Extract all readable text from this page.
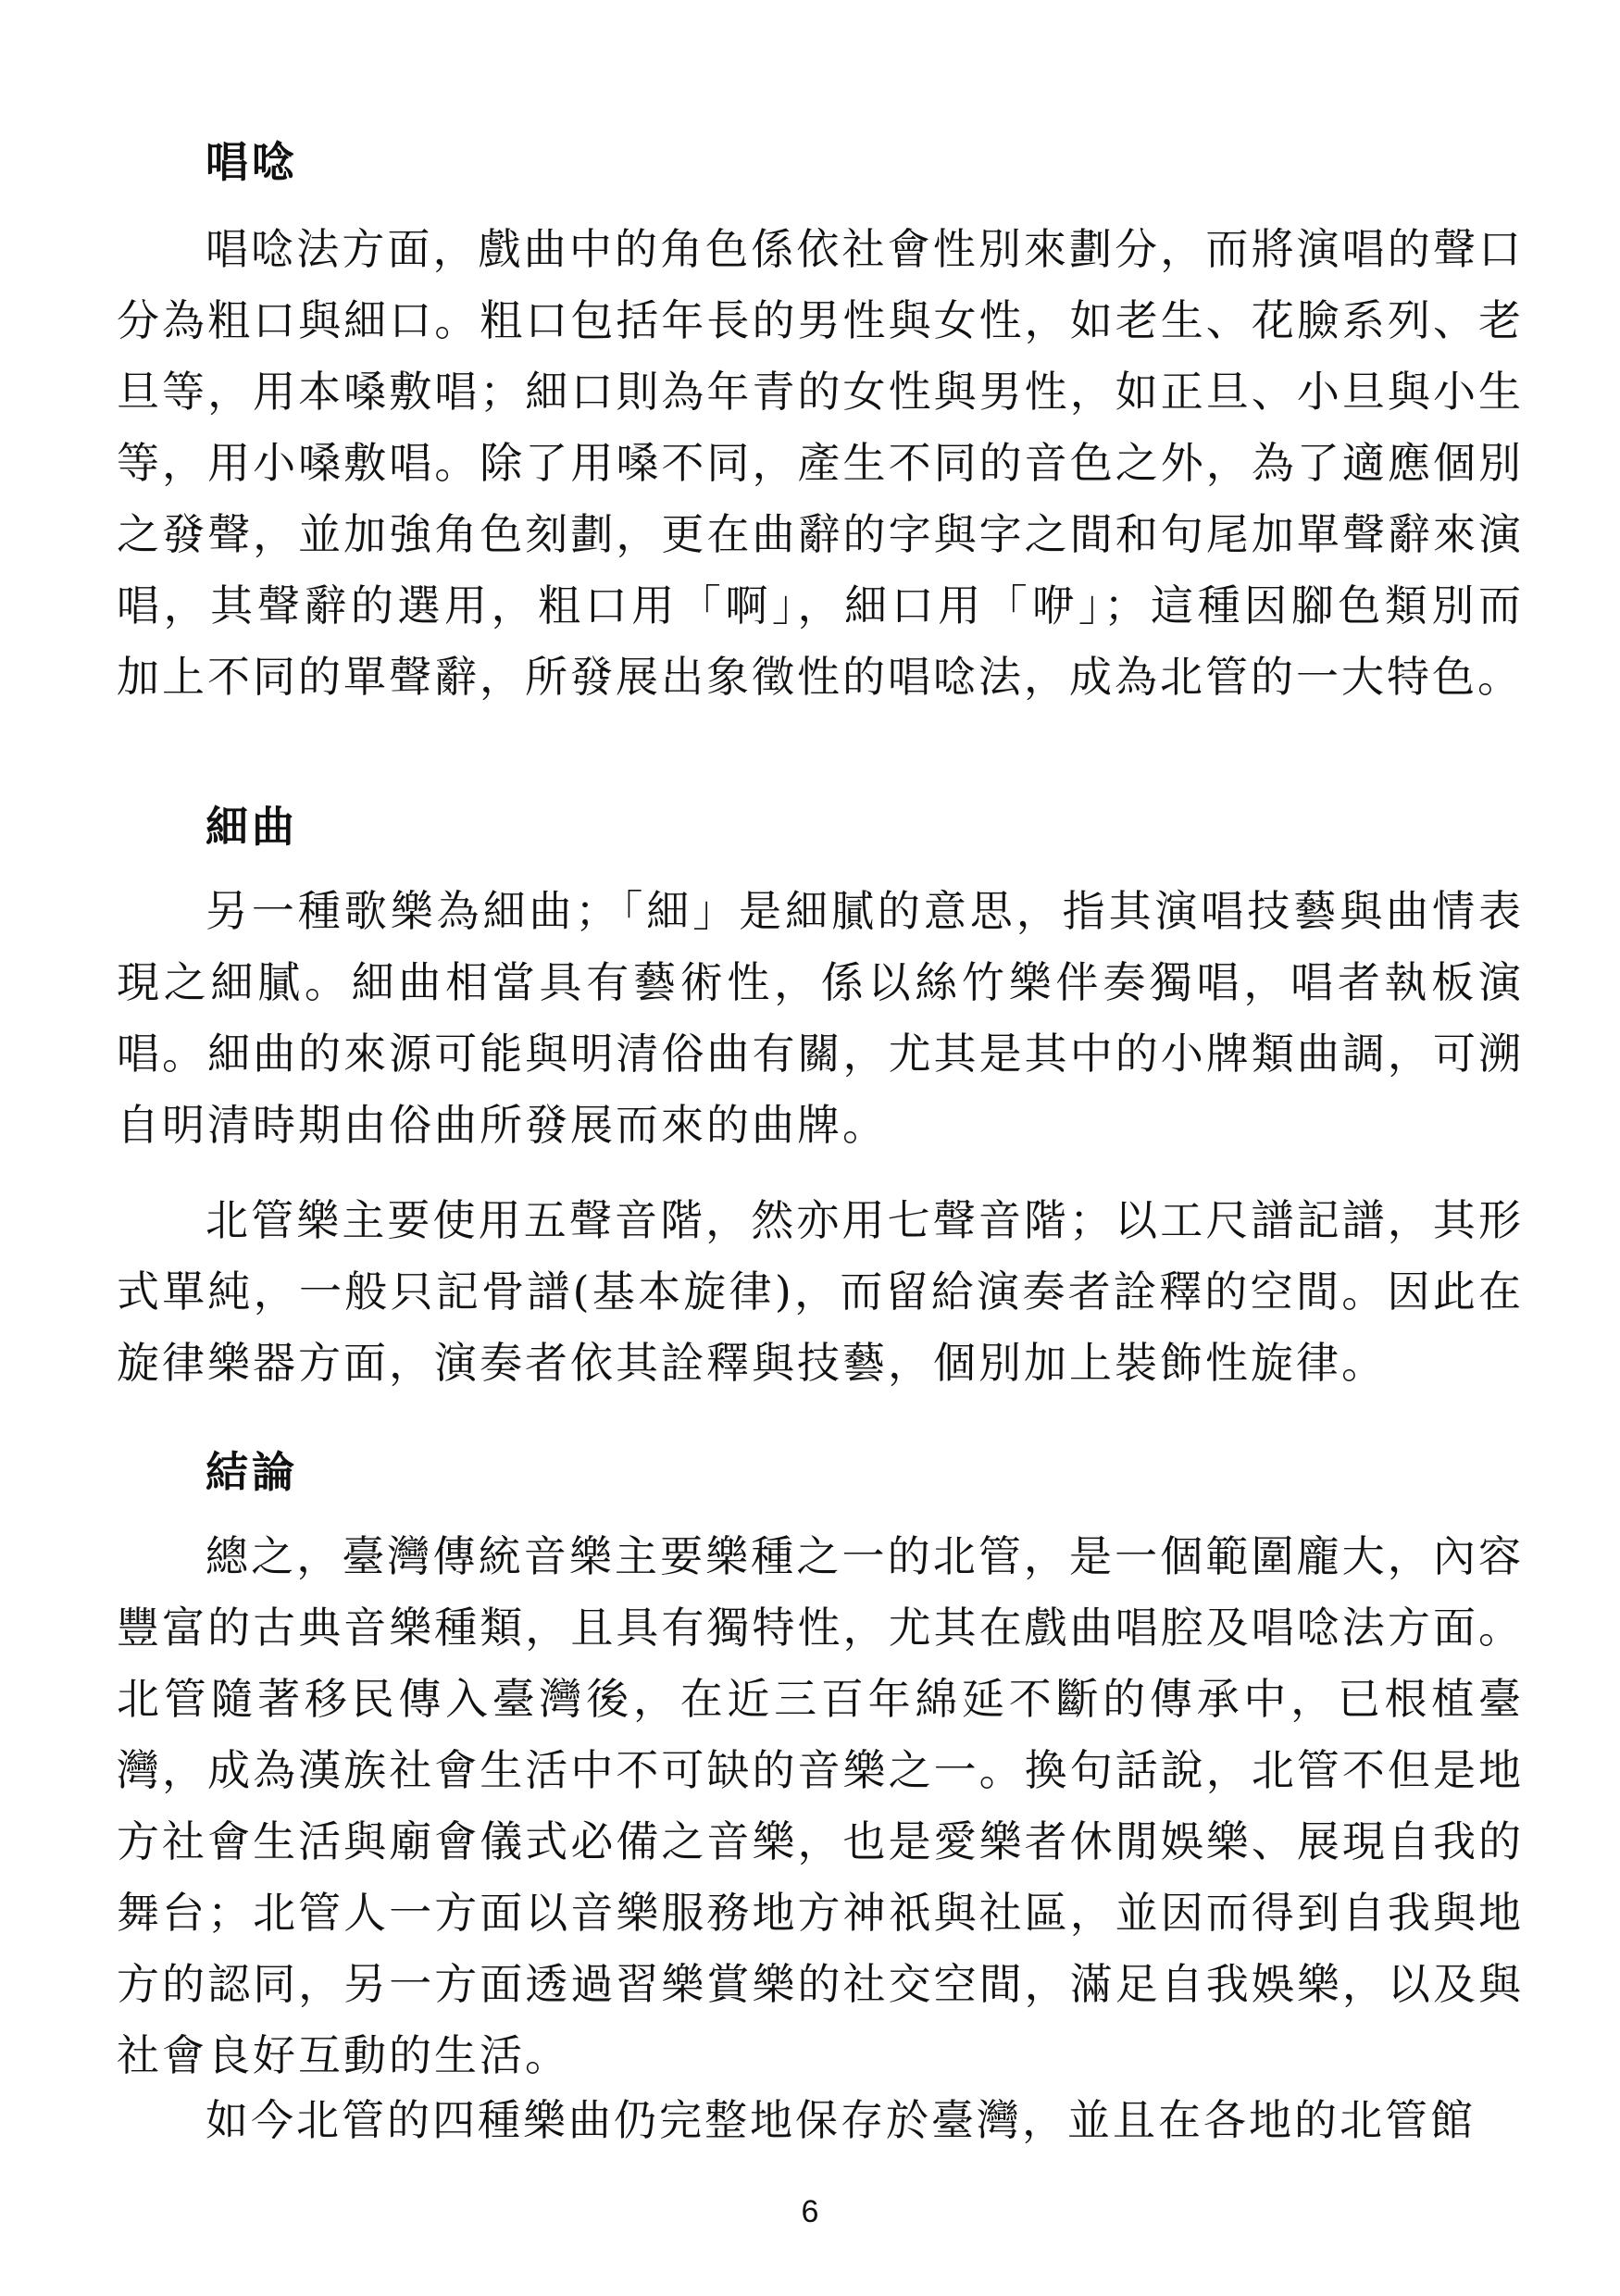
唱唸

唱唸法方面，戲曲中的角色係依社會性別來劃分，而將演唱的聲口分為粗口與細口。粗口包括年長的男性與女性，如老生、花臉系列、老旦等，用本嗓敷唱；細口則為年青的女性與男性，如正旦、小旦與小生等，用小嗓敷唱。除了用嗓不同，產生不同的音色之外，為了適應個別之發聲，並加強角色刻劃，更在曲辭的字與字之間和句尾加單聲辭來演唱，其聲辭的選用，粗口用「啊」，細口用「咿」；這種因腳色類別而加上不同的單聲辭，所發展出象徵性的唱唸法，成為北管的一大特色。

細曲

另一種歌樂為細曲；「細」是細膩的意思，指其演唱技藝與曲情表現之細膩。細曲相當具有藝術性，係以絲竹樂伴奏獨唱，唱者執板演唱。細曲的來源可能與明清俗曲有關，尤其是其中的小牌類曲調，可溯自明清時期由俗曲所發展而來的曲牌。

北管樂主要使用五聲音階，然亦用七聲音階；以工尺譜記譜，其形式單純，一般只記骨譜(基本旋律)，而留給演奏者詮釋的空間。因此在旋律樂器方面，演奏者依其詮釋與技藝，個別加上裝飾性旋律。

結論

總之，臺灣傳統音樂主要樂種之一的北管，是一個範圍龐大，內容豐富的古典音樂種類，且具有獨特性，尤其在戲曲唱腔及唱唸法方面。北管隨著移民傳入臺灣後，在近三百年綿延不斷的傳承中，已根植臺灣，成為漢族社會生活中不可缺的音樂之一。換句話說，北管不但是地方社會生活與廟會儀式必備之音樂，也是愛樂者休閒娛樂、展現自我的舞台；北管人一方面以音樂服務地方神祇與社區，並因而得到自我與地方的認同，另一方面透過習樂賞樂的社交空間，滿足自我娛樂，以及與社會良好互動的生活。

如今北管的四種樂曲仍完整地保存於臺灣，並且在各地的北管館

6
